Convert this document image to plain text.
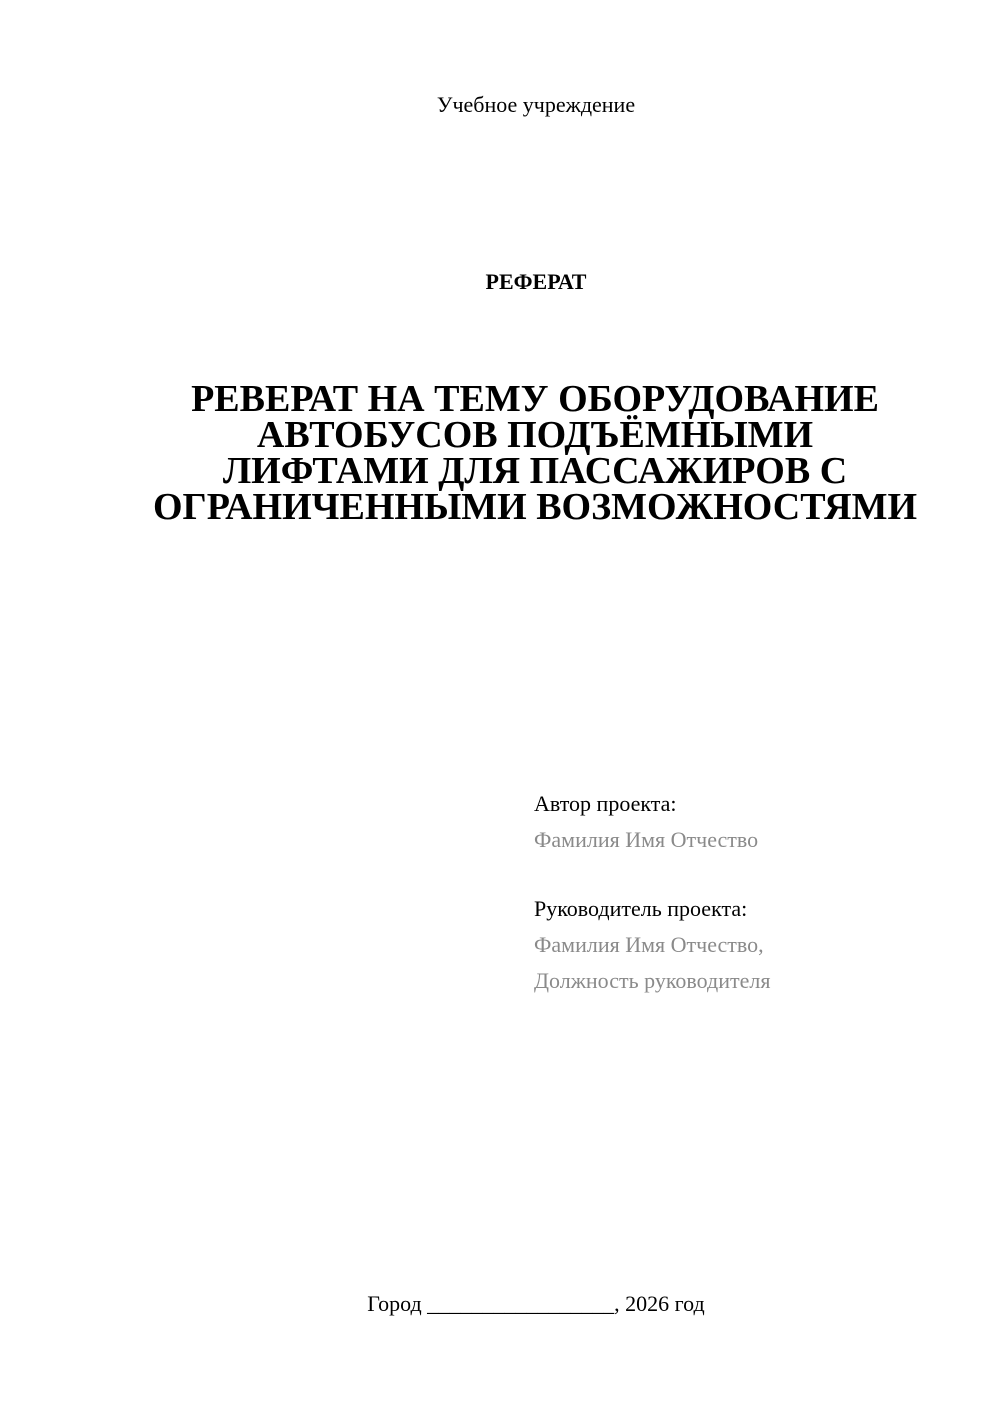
Учебное учреждение
РЕФЕРАТ
РЕВЕРАТ НА ТЕМУ ОБОРУДОВАНИЕ АВТОБУСОВ ПОДЪЁМНЫМИ ЛИФТАМИ ДЛЯ ПАССАЖИРОВ С ОГРАНИЧЕННЫМИ ВОЗМОЖНОСТЯМИ
Автор проекта:
Фамилия Имя Отчество
Руководитель проекта:
Фамилия Имя Отчество,
Должность руководителя
Город _________________, 2026 год
